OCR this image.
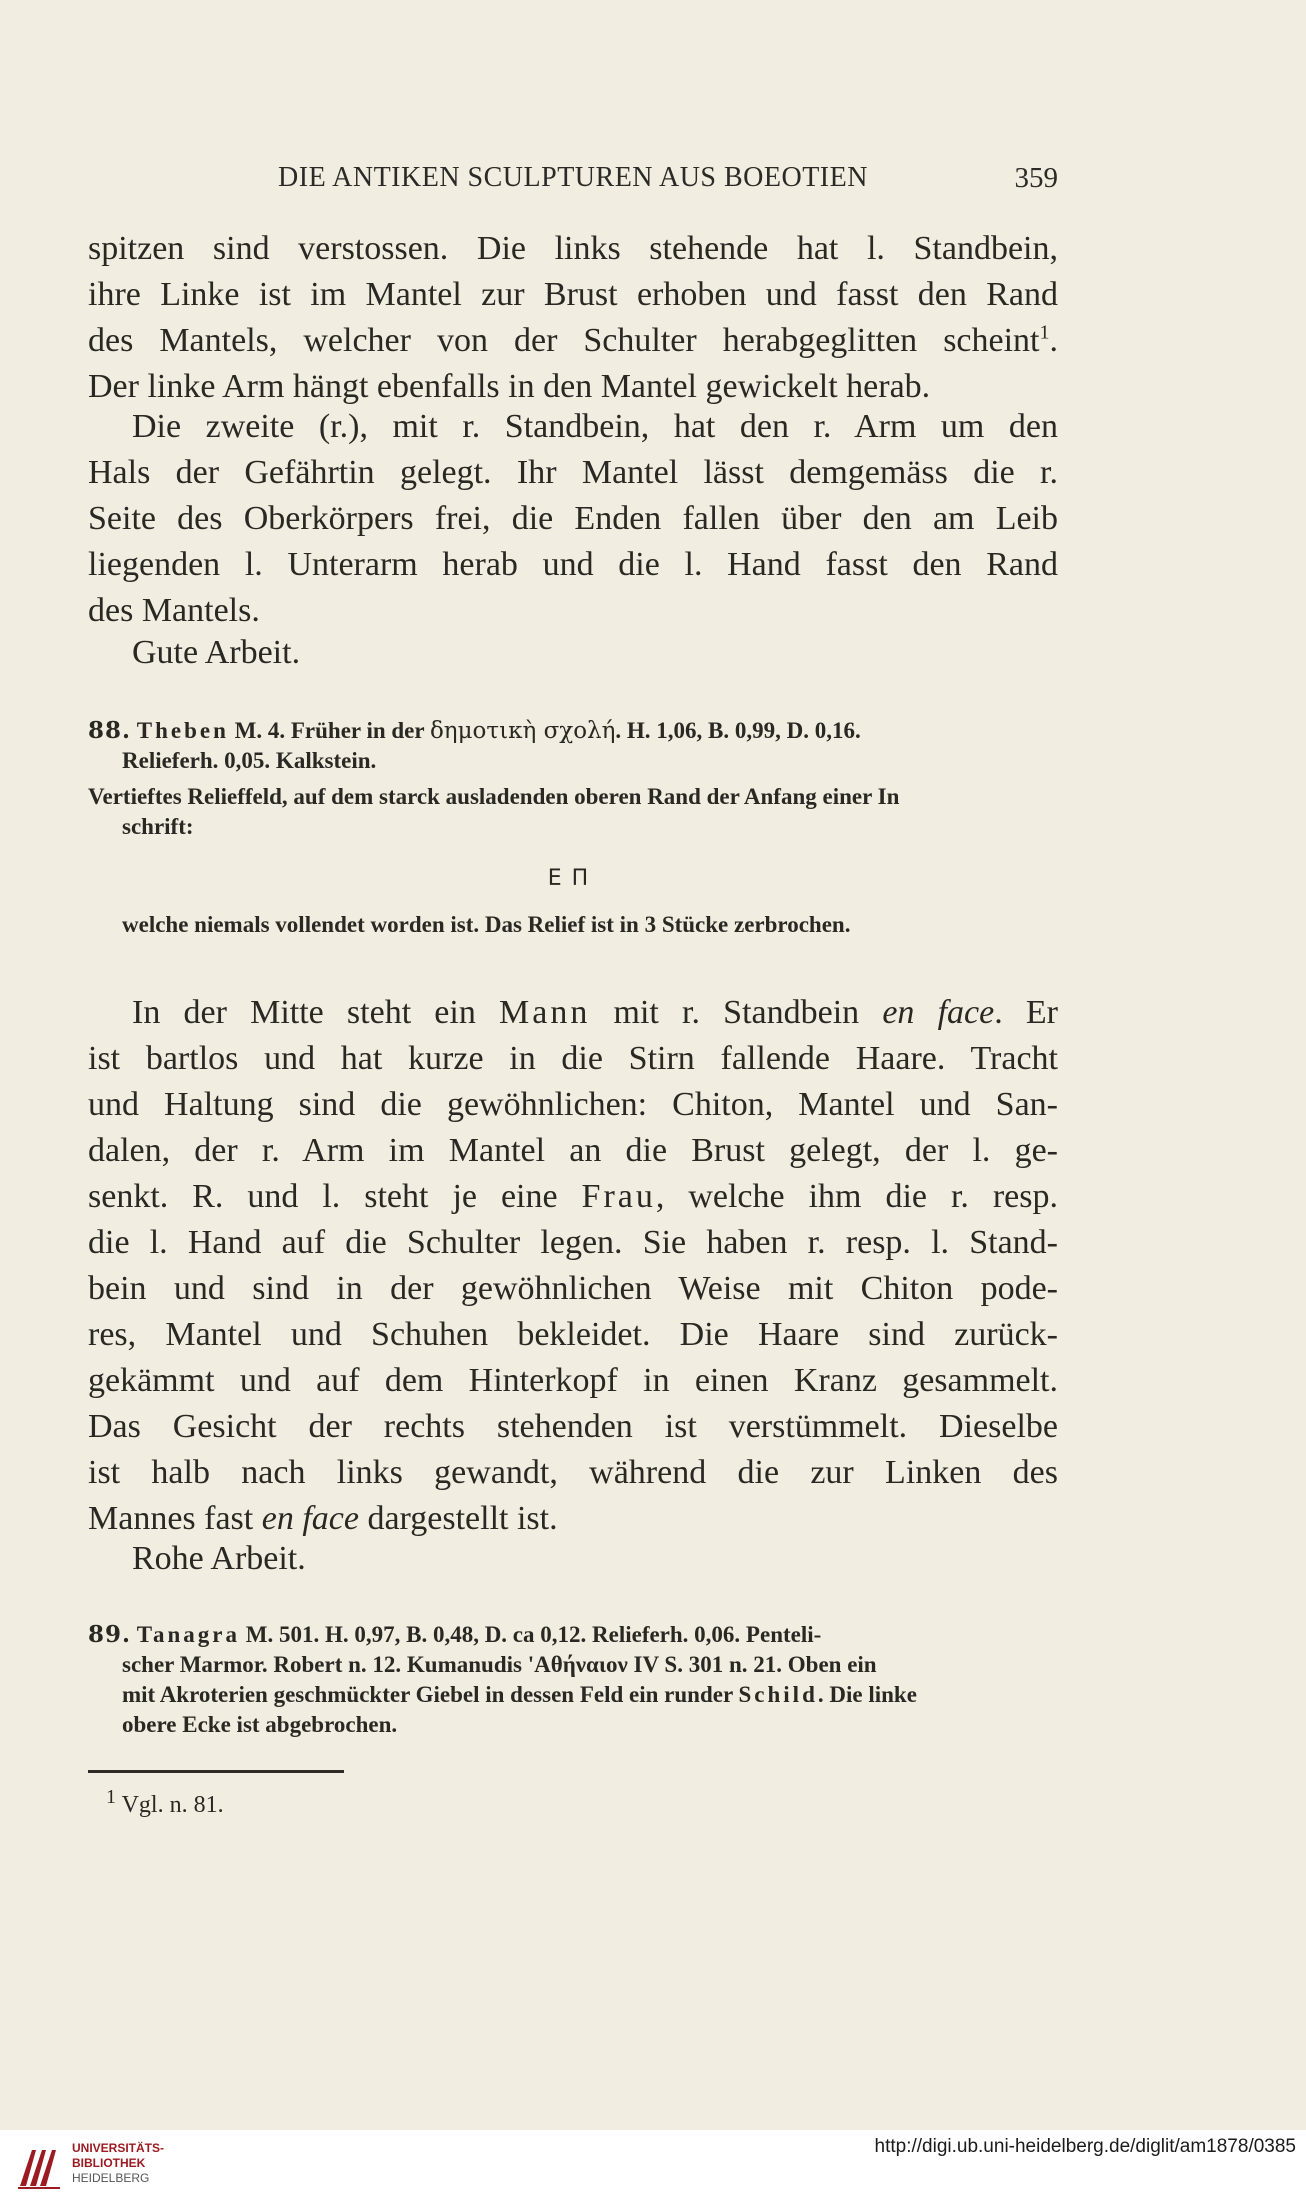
DIE ANTIKEN SCULPTUREN AUS BOEOTIEN	359
spitzen sind verstossen. Die links stehende hat l. Standbein,
ihre Linke ist im Mantel zur Brust erhoben und fasst den Rand
des Mantels, welcher von der Schulter herabgeglitten scheint$^1$.
Der linke Arm hängt ebenfalls in den Mantel gewickelt herab.
Die zweite (r.), mit r. Standbein, hat den r. Arm um den
Hals der Gefährtin gelegt. Ihr Mantel lässt demgemäss die r.
Seite des Oberkörpers frei, die Enden fallen über den am Leib
liegenden l. Unterarm herab und die l. Hand fasst den Rand
des Mantels.
Gute Arbeit.
88. Theben M. 4. Früher in der δημοτικὴ σχολή. H. 1,06, B. 0,99, D. 0,16.
Relieferh. 0,05. Kalkstein.
Vertieftes Relieffeld, auf dem starck ausladenden oberen Rand der Anfang einer In
schrift:
ΕΠ
welche niemals vollendet worden ist. Das Relief ist in 3 Stücke zerbrochen.
In der Mitte steht ein Mann mit r. Standbein en face. Er
ist bartlos und hat kurze in die Stirn fallende Haare. Tracht
und Haltung sind die gewöhnlichen: Chiton, Mantel und San-
dalen, der r. Arm im Mantel an die Brust gelegt, der l. ge-
senkt. R. und l. steht je eine Frau, welche ihm die r. resp.
die l. Hand auf die Schulter legen. Sie haben r. resp. l. Stand-
bein und sind in der gewöhnlichen Weise mit Chiton pode-
res, Mantel und Schuhen bekleidet. Die Haare sind zurück-
gekämmt und auf dem Hinterkopf in einen Kranz gesammelt.
Das Gesicht der rechts stehenden ist verstümmelt. Dieselbe
ist halb nach links gewandt, während die zur Linken des
Mannes fast en face dargestellt ist.
Rohe Arbeit.
89. Tanagra M. 501. H. 0,97, B. 0,48, D. ca 0,12. Relieferh. 0,06. Penteli-
scher Marmor. Robert n. 12. Kumanudis 'Αθήναιον IV S. 301 n. 21. Oben ein
mit Akroterien geschmückter Giebel in dessen Feld ein runder Schild. Die linke
obere Ecke ist abgebrochen.
$^1$ Vgl. n. 81.
UNIVERSITÄTS-
BIBLIOTHEK
HEIDELBERG
http://digi.ub.uni-heidelberg.de/diglit/am1878/0385
